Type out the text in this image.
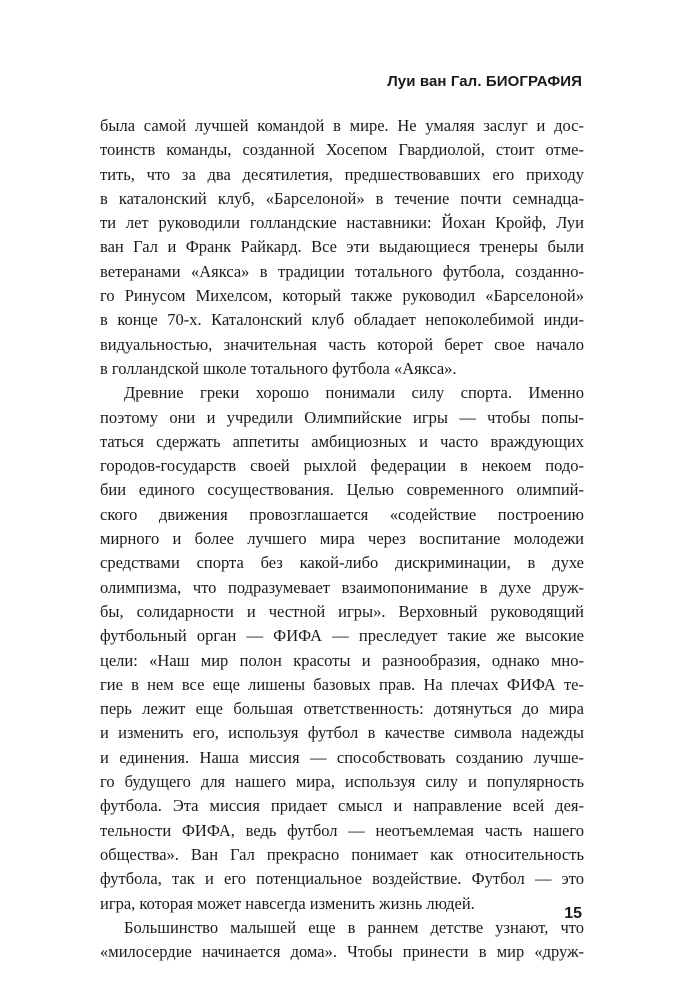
Луи ван Гал. БИОГРАФИЯ
была самой лучшей командой в мире. Не умаляя заслуг и дос-
тоинств команды, созданной Хосепом Гвардиолой, стоит отме-
тить, что за два десятилетия, предшествовавших его приходу
в каталонский клуб, «Барселоной» в течение почти семнадца-
ти лет руководили голландские наставники: Йохан Кройф, Луи
ван Гал и Франк Райкард. Все эти выдающиеся тренеры были
ветеранами «Аякса» в традиции тотального футбола, созданно-
го Ринусом Михелсом, который также руководил «Барселоной»
в конце 70-х. Каталонский клуб обладает непоколебимой инди-
видуальностью, значительная часть которой берет свое начало
в голландской школе тотального футбола «Аякса».
Древние греки хорошо понимали силу спорта. Именно
поэтому они и учредили Олимпийские игры — чтобы попы-
таться сдержать аппетиты амбициозных и часто враждующих
городов-государств своей рыхлой федерации в некоем подо-
бии единого сосуществования. Целью современного олимпий-
ского движения провозглашается «содействие построению
мирного и более лучшего мира через воспитание молодежи
средствами спорта без какой-либо дискриминации, в духе
олимпизма, что подразумевает взаимопонимание в духе друж-
бы, солидарности и честной игры». Верховный руководящий
футбольный орган — ФИФА — преследует такие же высокие
цели: «Наш мир полон красоты и разнообразия, однако мно-
гие в нем все еще лишены базовых прав. На плечах ФИФА те-
перь лежит еще большая ответственность: дотянуться до мира
и изменить его, используя футбол в качестве символа надежды
и единения. Наша миссия — способствовать созданию лучше-
го будущего для нашего мира, используя силу и популярность
футбола. Эта миссия придает смысл и направление всей дея-
тельности ФИФА, ведь футбол — неотъемлемая часть нашего
общества». Ван Гал прекрасно понимает как относительность
футбола, так и его потенциальное воздействие. Футбол — это
игра, которая может навсегда изменить жизнь людей.
Большинство малышей еще в раннем детстве узнают, что
«милосердие начинается дома». Чтобы принести в мир «друж-
15
